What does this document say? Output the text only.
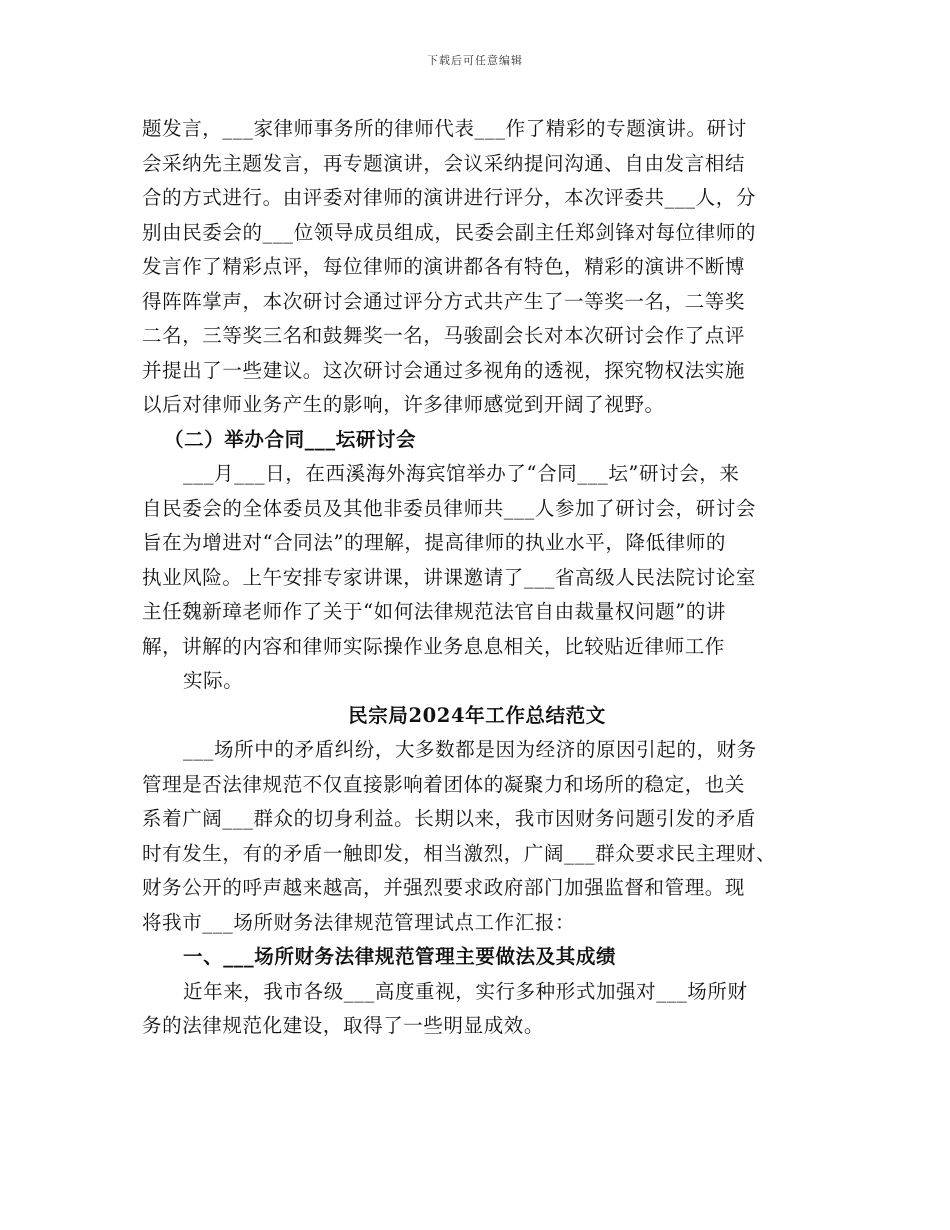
下载后可任意编辑
题发言，___家律师事务所的律师代表___作了精彩的专题演讲。研讨
会采纳先主题发言，再专题演讲，会议采纳提问沟通、自由发言相结
合的方式进行。由评委对律师的演讲进行评分，本次评委共___人，分
别由民委会的___位领导成员组成，民委会副主任郑剑锋对每位律师的
发言作了精彩点评，每位律师的演讲都各有特色，精彩的演讲不断博
得阵阵掌声，本次研讨会通过评分方式共产生了一等奖一名，二等奖
二名，三等奖三名和鼓舞奖一名，马骏副会长对本次研讨会作了点评
并提出了一些建议。这次研讨会通过多视角的透视，探究物权法实施
以后对律师业务产生的影响，许多律师感觉到开阔了视野。
（二）举办合同___坛研讨会
___月___日，在西溪海外海宾馆举办了“合同___坛”研讨会，来
自民委会的全体委员及其他非委员律师共___人参加了研讨会，研讨会
旨在为增进对“合同法”的理解，提高律师的执业水平，降低律师的
执业风险。上午安排专家讲课，讲课邀请了___省高级人民法院讨论室
主任魏新璋老师作了关于“如何法律规范法官自由裁量权问题”的讲
解，讲解的内容和律师实际操作业务息息相关，比较贴近律师工作
实际。
民宗局2024年工作总结范文
___场所中的矛盾纠纷，大多数都是因为经济的原因引起的，财务
管理是否法律规范不仅直接影响着团体的凝聚力和场所的稳定，也关
系着广阔___群众的切身利益。长期以来，我市因财务问题引发的矛盾
时有发生，有的矛盾一触即发，相当激烈，广阔___群众要求民主理财、
财务公开的呼声越来越高，并强烈要求政府部门加强监督和管理。现
将我市___场所财务法律规范管理试点工作汇报：
一、___场所财务法律规范管理主要做法及其成绩
近年来，我市各级___高度重视，实行多种形式加强对___场所财
务的法律规范化建设，取得了一些明显成效。
